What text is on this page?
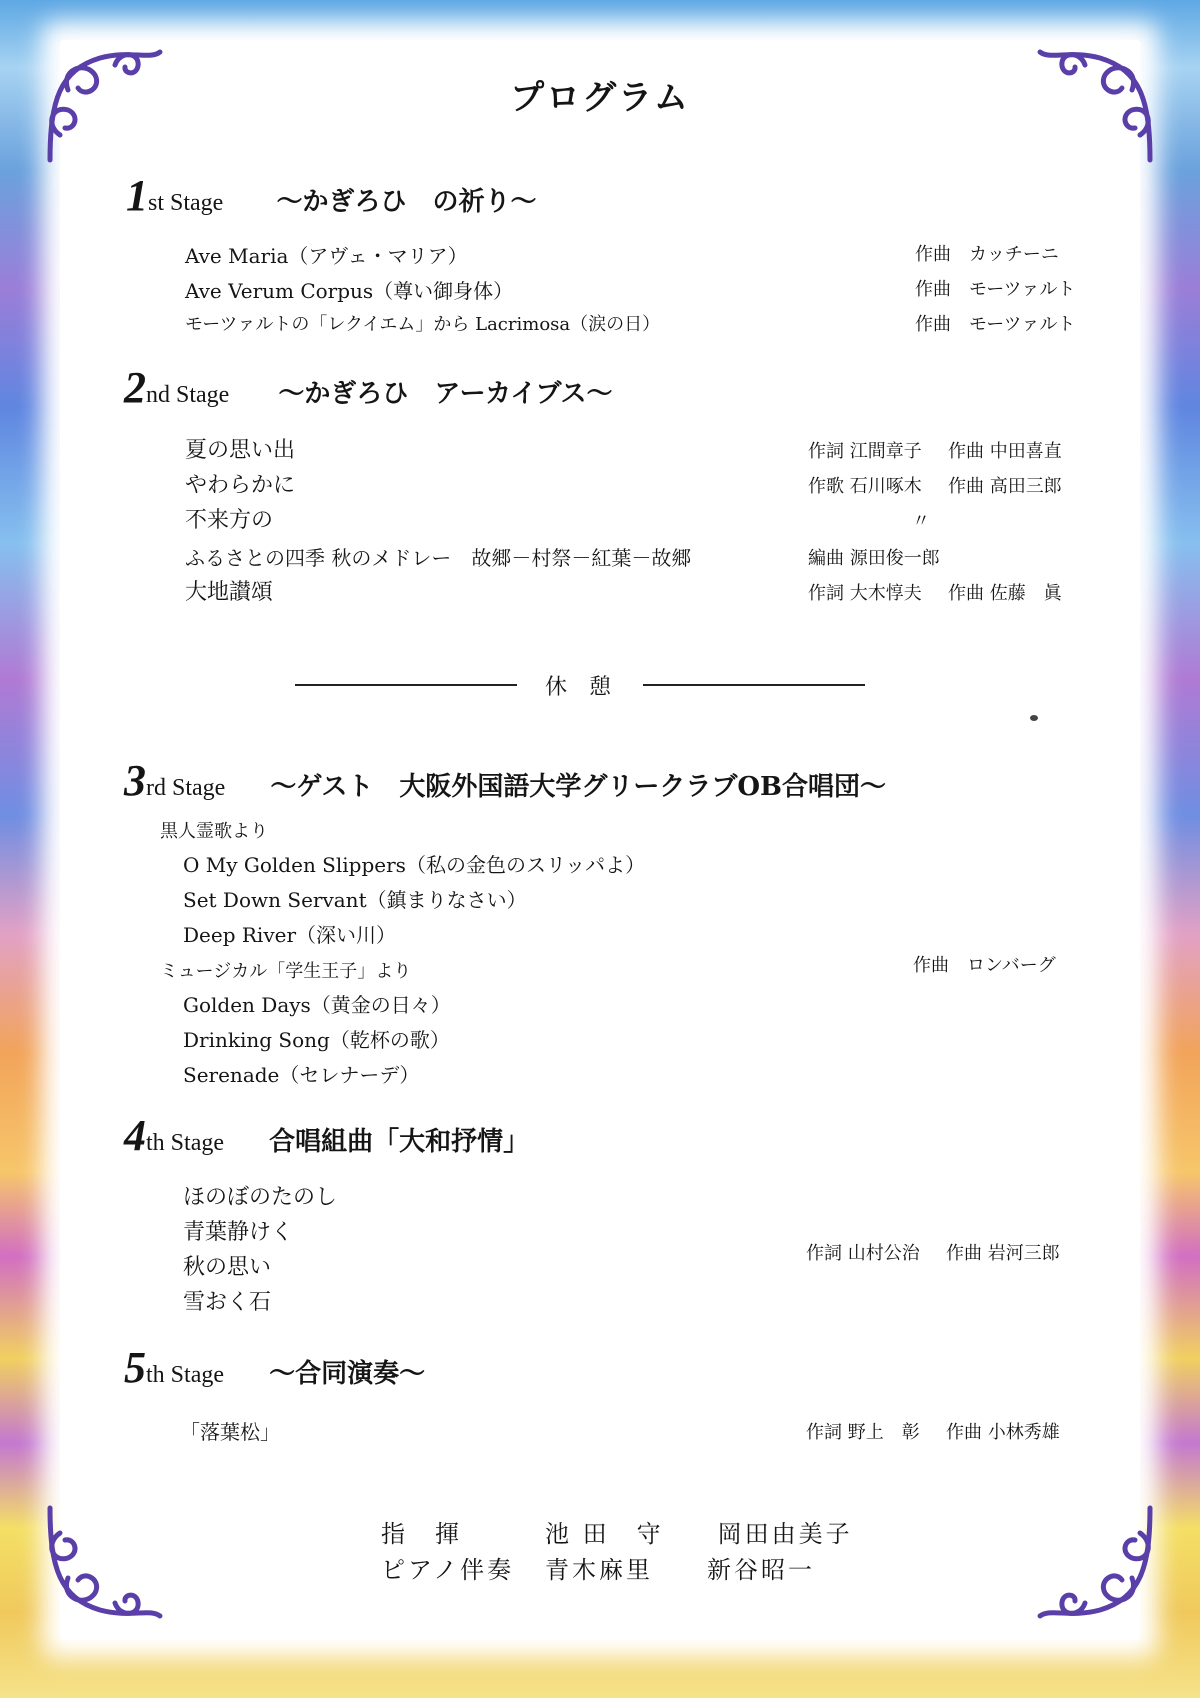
プログラム
1st Stage ～かぎろひ　の祈り～
Ave Maria（アヴェ・マリア）	作曲　カッチーニ
Ave Verum Corpus（尊い御身体）	作曲　モーツァルト
モーツァルトの「レクイエム」から Lacrimosa（涙の日）	作曲　モーツァルト
2nd Stage ～かぎろひ　アーカイブス～
夏の思い出	作詞 江間章子 作曲 中田喜直
やわらかに	作歌 石川啄木 作曲 高田三郎
不来方の	〃
ふるさとの四季 秋のメドレー　故郷－村祭－紅葉－故郷	編曲 源田俊一郎
大地讃頌	作詞 大木惇夫 作曲 佐藤　眞
休　憩
3rd Stage ～ゲスト　大阪外国語大学グリークラブOB合唱団～
黒人霊歌より
O My Golden Slippers（私の金色のスリッパよ）
Set Down Servant（鎮まりなさい）
Deep River（深い川）
ミュージカル「学生王子」より	作曲　ロンバーグ
Golden Days（黄金の日々）
Drinking Song（乾杯の歌）
Serenade（セレナーデ）
4th Stage 合唱組曲「大和抒情」
ほのぼのたのし
青葉静けく
秋の思い
雪おく石
作詞 山村公治 作曲 岩河三郎
5th Stage ～合同演奏～
「落葉松」	作詞 野上　彰 作曲 小林秀雄
指　揮	池 田　守　　岡田由美子
ピアノ伴奏 青木麻里　　新谷昭一
